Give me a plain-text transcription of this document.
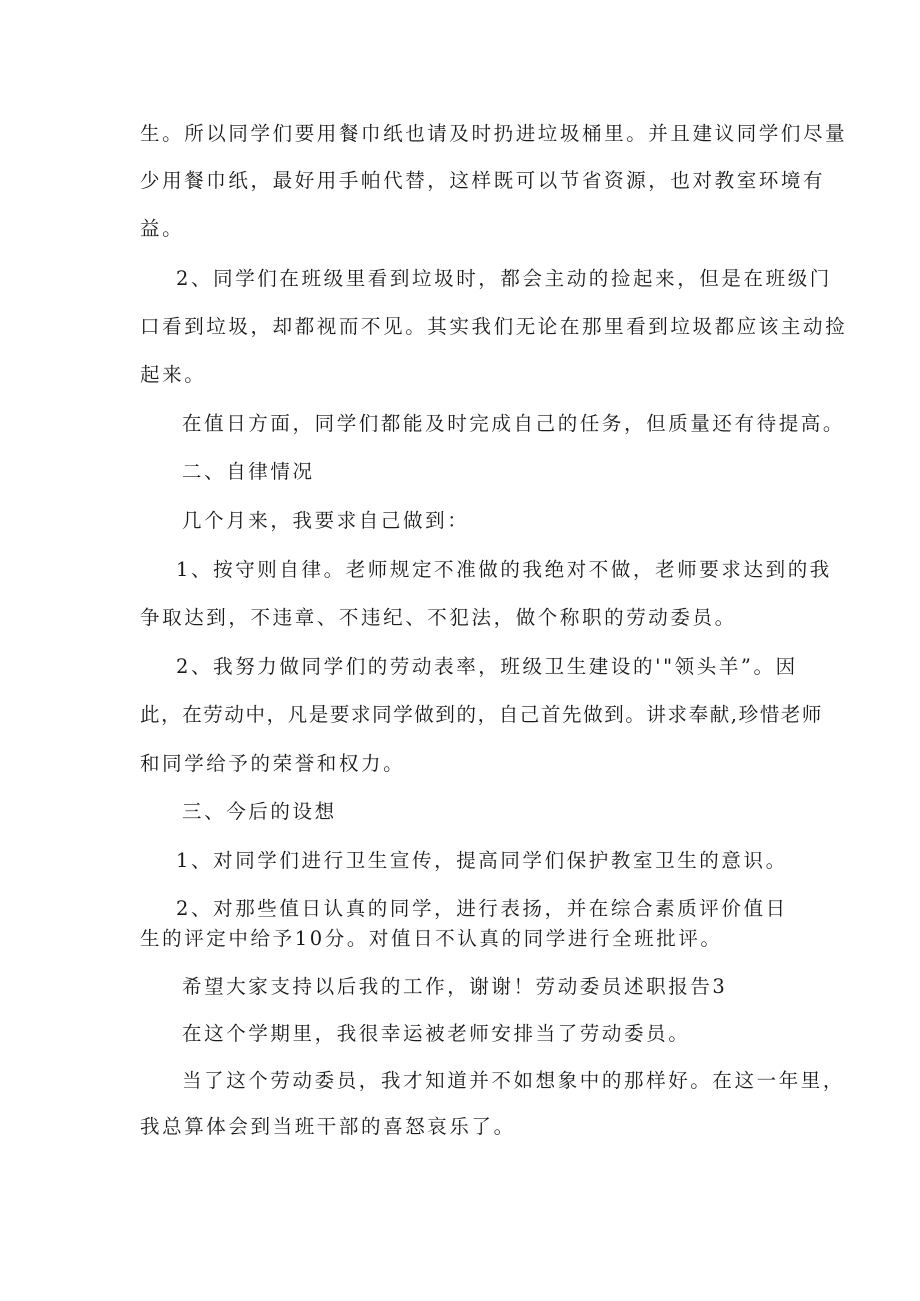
生。所以同学们要用餐巾纸也请及时扔进垃圾桶里。并且建议同学们尽量

少用餐巾纸，最好用手帕代替，这样既可以节省资源，也对教室环境有

益。

2、同学们在班级里看到垃圾时，都会主动的捡起来，但是在班级门

口看到垃圾，却都视而不见。其实我们无论在那里看到垃圾都应该主动捡

起来。

在值日方面，同学们都能及时完成自己的任务，但质量还有待提高。

二、自律情况

几个月来，我要求自己做到：

1、按守则自律。老师规定不准做的我绝对不做，老师要求达到的我

争取达到，不违章、不违纪、不犯法，做个称职的劳动委员。

2、我努力做同学们的劳动表率，班级卫生建设的'"领头羊”。因

此，在劳动中，凡是要求同学做到的，自己首先做到。讲求奉献,珍惜老师

和同学给予的荣誉和权力。

三、今后的设想

1、对同学们进行卫生宣传，提高同学们保护教室卫生的意识。

2、对那些值日认真的同学，进行表扬，并在综合素质评价值日

生的评定中给予10分。对值日不认真的同学进行全班批评。

希望大家支持以后我的工作，谢谢！劳动委员述职报告3

在这个学期里，我很幸运被老师安排当了劳动委员。

当了这个劳动委员，我才知道并不如想象中的那样好。在这一年里，

我总算体会到当班干部的喜怒哀乐了。
